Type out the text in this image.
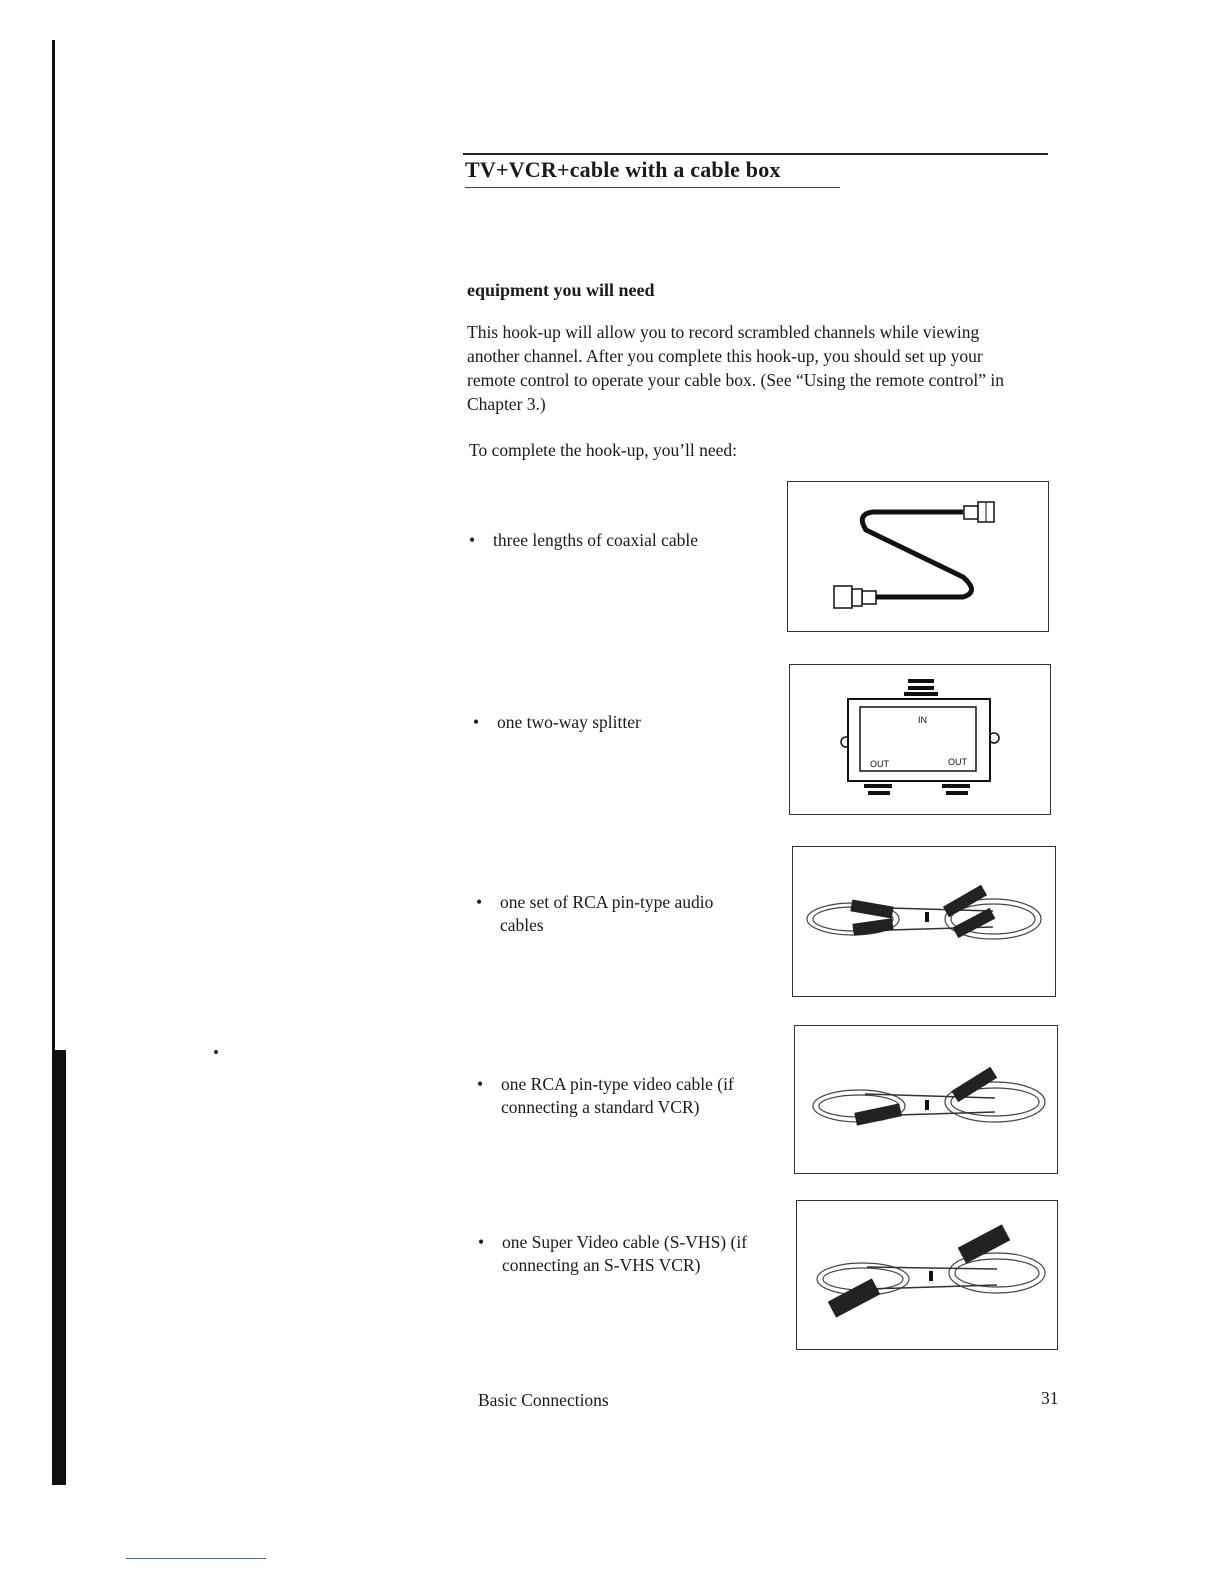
TV+VCR+cable with a cable box
equipment you will need

This hook-up will allow you to record scrambled channels while viewing another channel. After you complete this hook-up, you should set up your remote control to operate your cable box. (See “Using the remote control” in Chapter 3.)

To complete the hook-up, you’ll need:

•	three lengths of coaxial cable
•	one two-way splitter	IN
OUT	OUT
•	one set of RCA pin-type audio cables
•	one RCA pin-type video cable (if connecting a standard VCR)
•	one Super Video cable (S-VHS) (if connecting an S-VHS VCR)
Basic Connections	31
